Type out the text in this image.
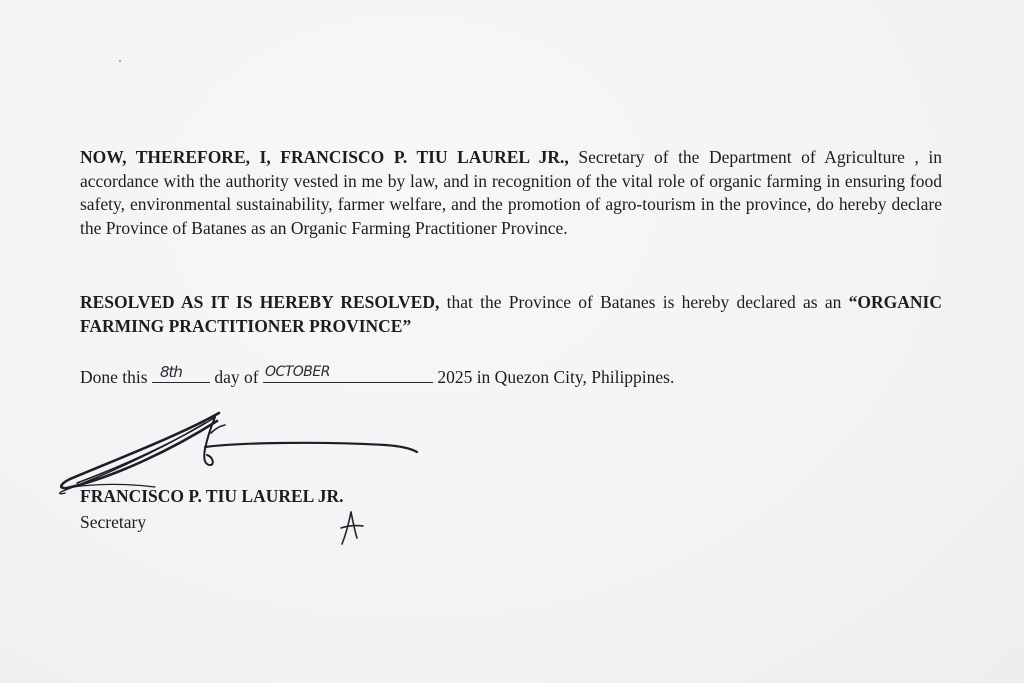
NOW, THEREFORE, I, FRANCISCO P. TIU LAUREL JR., Secretary of the Department of Agriculture , in accordance with the authority vested in me by law, and in recognition of the vital role of organic farming in ensuring food safety, environmental sustainability, farmer welfare, and the promotion of agro-tourism in the province, do hereby declare the Province of Batanes as an Organic Farming Practitioner Province.

RESOLVED AS IT IS HEREBY RESOLVED, that the Province of Batanes is hereby declared as an “ORGANIC FARMING PRACTITIONER PROVINCE”

Done this 8th day of OCTOBER	2025 in Quezon City, Philippines.

FRANCISCO P. TIU LAUREL JR.

Secretary
